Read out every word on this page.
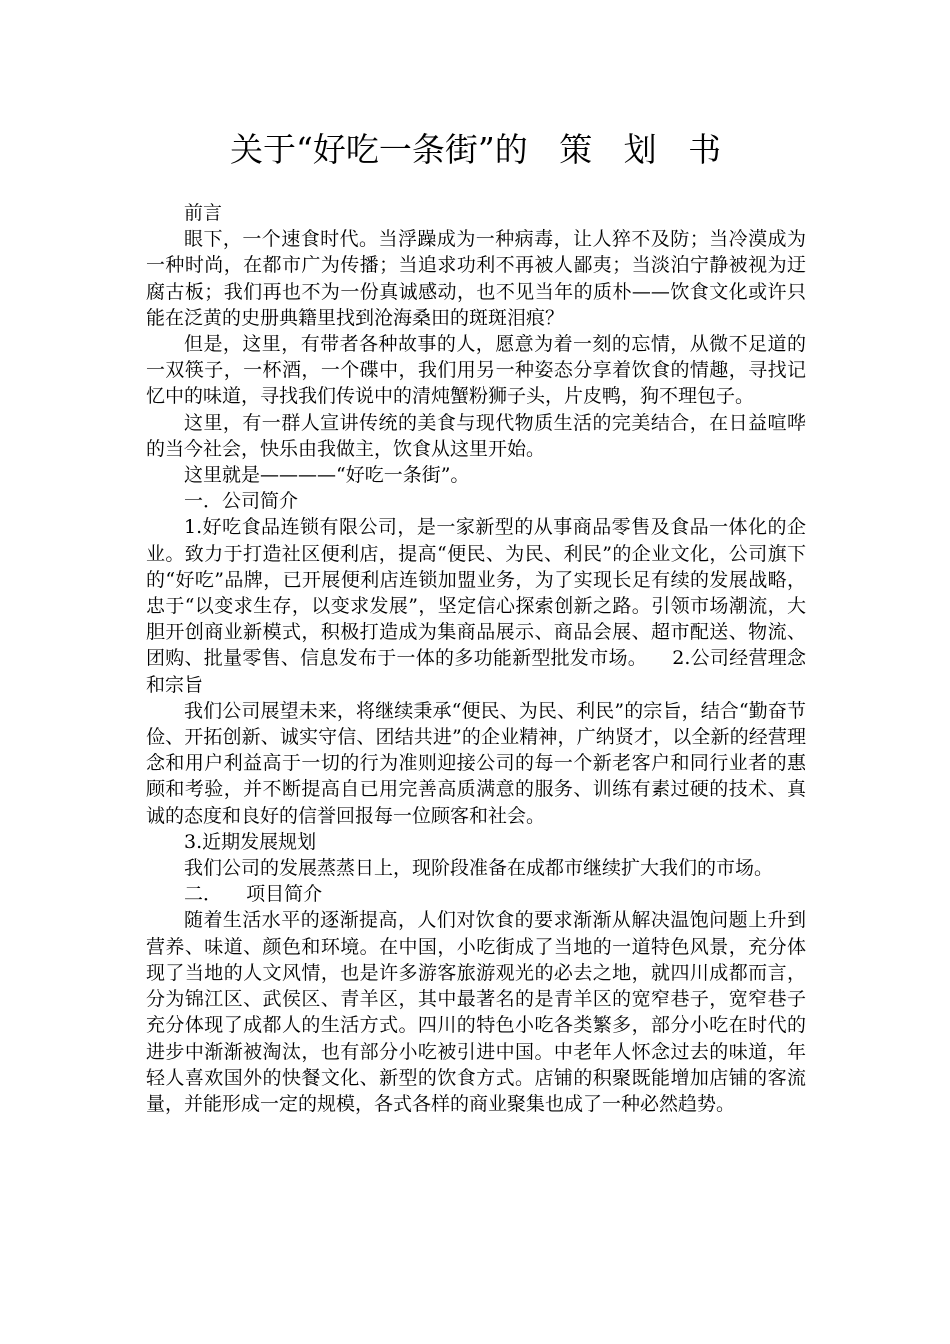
关于“好吃一条街”的   策   划   书

前言

眼下，一个速食时代。当浮躁成为一种病毒，让人猝不及防；当冷漠成为一种时尚，在都市广为传播；当追求功利不再被人鄙夷；当淡泊宁静被视为迂腐古板；我们再也不为一份真诚感动，也不见当年的质朴——饮食文化或许只能在泛黄的史册典籍里找到沧海桑田的斑斑泪痕？

但是，这里，有带者各种故事的人，愿意为着一刻的忘情，从微不足道的一双筷子，一杯酒，一个碟中，我们用另一种姿态分享着饮食的情趣，寻找记忆中的味道，寻找我们传说中的清炖蟹粉狮子头，片皮鸭，狗不理包子。

这里，有一群人宣讲传统的美食与现代物质生活的完美结合，在日益喧哗的当今社会，快乐由我做主，饮食从这里开始。

这里就是————“好吃一条街”。

一．公司简介

1.好吃食品连锁有限公司，是一家新型的从事商品零售及食品一体化的企业。致力于打造社区便利店，提高“便民、为民、利民”的企业文化，公司旗下的“好吃”品牌，已开展便利店连锁加盟业务，为了实现长足有续的发展战略，忠于“以变求生存，以变求发展”，坚定信心探索创新之路。引领市场潮流，大胆开创商业新模式，积极打造成为集商品展示、商品会展、超市配送、物流、团购、批量零售、信息发布于一体的多功能新型批发市场。    2.公司经营理念和宗旨

我们公司展望未来，将继续秉承“便民、为民、利民”的宗旨，结合“勤奋节俭、开拓创新、诚实守信、团结共进”的企业精神，广纳贤才，以全新的经营理念和用户利益高于一切的行为准则迎接公司的每一个新老客户和同行业者的惠顾和考验，并不断提高自已用完善高质满意的服务、训练有素过硬的技术、真诚的态度和良好的信誉回报每一位顾客和社会。

3.近期发展规划

我们公司的发展蒸蒸日上，现阶段准备在成都市继续扩大我们的市场。

二．    项目简介

随着生活水平的逐渐提高，人们对饮食的要求渐渐从解决温饱问题上升到营养、味道、颜色和环境。在中国，小吃街成了当地的一道特色风景，充分体现了当地的人文风情，也是许多游客旅游观光的必去之地，就四川成都而言，分为锦江区、武侯区、青羊区，其中最著名的是青羊区的宽窄巷子，宽窄巷子充分体现了成都人的生活方式。四川的特色小吃各类繁多，部分小吃在时代的进步中渐渐被淘汰，也有部分小吃被引进中国。中老年人怀念过去的味道，年轻人喜欢国外的快餐文化、新型的饮食方式。店铺的积聚既能增加店铺的客流量，并能形成一定的规模，各式各样的商业聚集也成了一种必然趋势。
